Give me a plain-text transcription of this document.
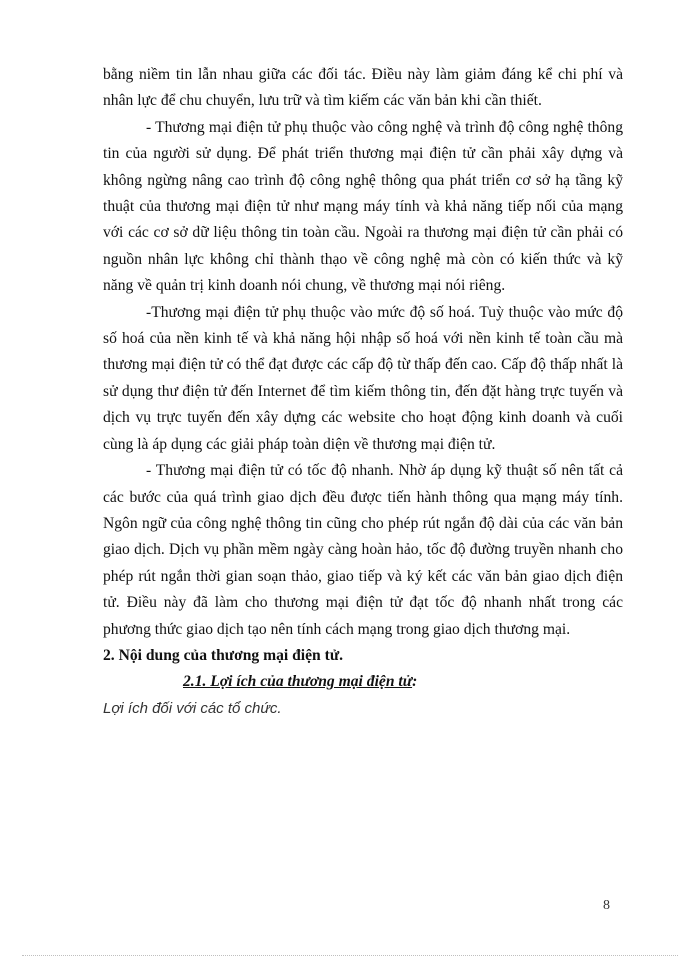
bằng niềm tin lẫn nhau giữa các đối tác. Điều này làm giảm đáng kể chi phí và nhân lực để chu chuyển, lưu trữ và tìm kiếm các văn bản khi cần thiết.

- Thương mại điện tử phụ thuộc vào công nghệ và trình độ công nghệ thông tin của người sử dụng. Để phát triển thương mại điện tử cần phải xây dựng và không ngừng nâng cao trình độ công nghệ thông qua phát triển cơ sở hạ tầng kỹ thuật của thương mại điện tử như mạng máy tính và khả năng tiếp nối của mạng với các cơ sở dữ liệu thông tin toàn cầu. Ngoài ra thương mại điện tử cần phải có nguồn nhân lực không chỉ thành thạo về công nghệ mà còn có kiến thức và kỹ năng về quản trị kinh doanh nói chung, về thương mại nói riêng.

-Thương mại điện tử phụ thuộc vào mức độ số hoá. Tuỳ thuộc vào mức độ số hoá của nền kinh tế và khả năng hội nhập số hoá với nền kinh tế toàn cầu mà thương mại điện tử có thể đạt được các cấp độ từ thấp đến cao. Cấp độ thấp nhất là sử dụng thư điện tử đến Internet để tìm kiếm thông tin, đến đặt hàng trực tuyến và dịch vụ trực tuyến đến xây dựng các website cho hoạt động kinh doanh và cuối cùng là áp dụng các giải pháp toàn diện về thương mại điện tử.

- Thương mại điện tử có tốc độ nhanh. Nhờ áp dụng kỹ thuật số nên tất cả các bước của quá trình giao dịch đều được tiến hành thông qua mạng máy tính. Ngôn ngữ của công nghệ thông tin cũng cho phép rút ngắn độ dài của các văn bản giao dịch. Dịch vụ phần mềm ngày càng hoàn hảo, tốc độ đường truyền nhanh cho phép rút ngắn thời gian soạn thảo, giao tiếp và ký kết các văn bản giao dịch điện tử. Điều này đã làm cho thương mại điện tử đạt tốc độ nhanh nhất trong các phương thức giao dịch tạo nên tính cách mạng trong giao dịch thương mại.

2. Nội dung của thương mại điện tử.

2.1. Lợi ích của thương mại điện tử:

Lợi ích đối với các tổ chức.

8
